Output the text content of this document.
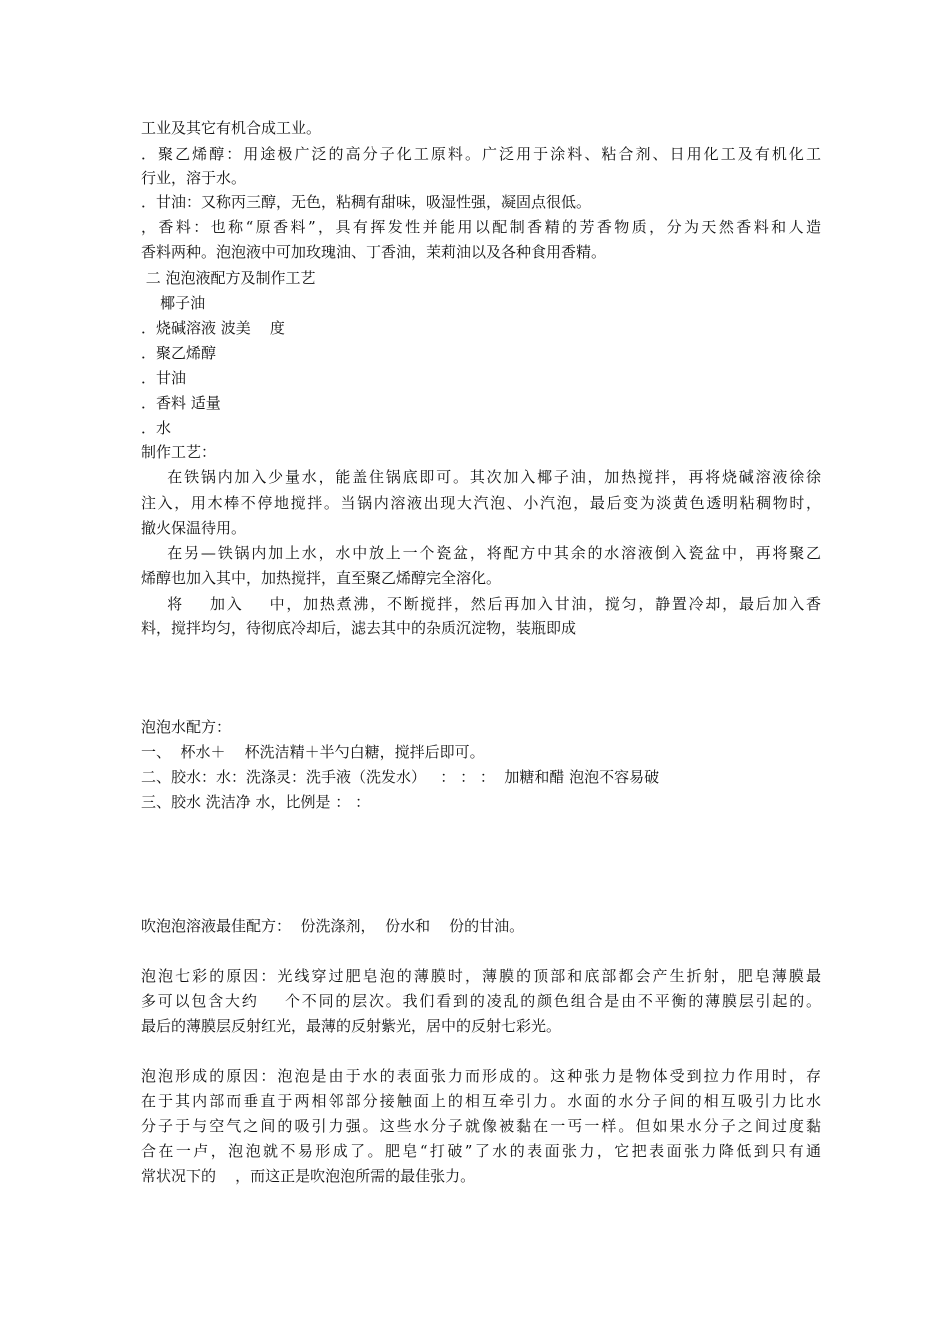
工业及其它有机合成工业。
．聚乙烯醇：用途极广泛的高分子化工原料。广泛用于涂料、粘合剂、日用化工及有机化工
行业，溶于水。
．甘油：又称丙三醇，无色，粘稠有甜味，吸湿性强，凝固点很低。
，香料：也称“原香料”，具有挥发性并能用以配制香精的芳香物质，分为天然香料和人造
香料两种。泡泡液中可加玫瑰油、丁香油，茉莉油以及各种食用香精。
二 泡泡液配方及制作工艺
椰子油
．烧碱溶液 波美    度
．聚乙烯醇
．甘油
．香料 适量
．水
制作工艺：
在铁锅内加入少量水，能盖住锅底即可。其次加入椰子油，加热搅拌，再将烧碱溶液徐徐
注入，用木棒不停地搅拌。当锅内溶液出现大汽泡、小汽泡，最后变为淡黄色透明粘稠物时，
撤火保温待用。
在另—铁锅内加上水，水中放上一个瓷盆，将配方中其余的水溶液倒入瓷盆中，再将聚乙
烯醇也加入其中，加热搅拌，直至聚乙烯醇完全溶化。
将    加入    中，加热煮沸，不断搅拌，然后再加入甘油，搅匀，静置冷却，最后加入香
料，搅拌均匀，待彻底冷却后，滤去其中的杂质沉淀物，装瓶即成
泡泡水配方：
一、  杯水＋    杯洗洁精＋半勺白糖，搅拌后即可。
二、胶水：水：洗涤灵：洗手液（洗发水）   ： ： ：  加糖和醋 泡泡不容易破
三、胶水 洗洁净 水，比例是 ： ：
吹泡泡溶液最佳配方：  份洗涤剂，  份水和    份的甘油。
泡泡七彩的原因：光线穿过肥皂泡的薄膜时，薄膜的顶部和底部都会产生折射，肥皂薄膜最
多可以包含大约    个不同的层次。我们看到的凌乱的颜色组合是由不平衡的薄膜层引起的。
最后的薄膜层反射红光，最薄的反射紫光，居中的反射七彩光。
泡泡形成的原因：泡泡是由于水的表面张力而形成的。这种张力是物体受到拉力作用时，存
在于其内部而垂直于两相邻部分接触面上的相互牵引力。水面的水分子间的相互吸引力比水
分子于与空气之间的吸引力强。这些水分子就像被黏在一丐一样。但如果水分子之间过度黏
合在一卢，泡泡就不易形成了。肥皂“打破”了水的表面张力，它把表面张力降低到只有通
常状况下的    ，而这正是吹泡泡所需的最佳张力。
